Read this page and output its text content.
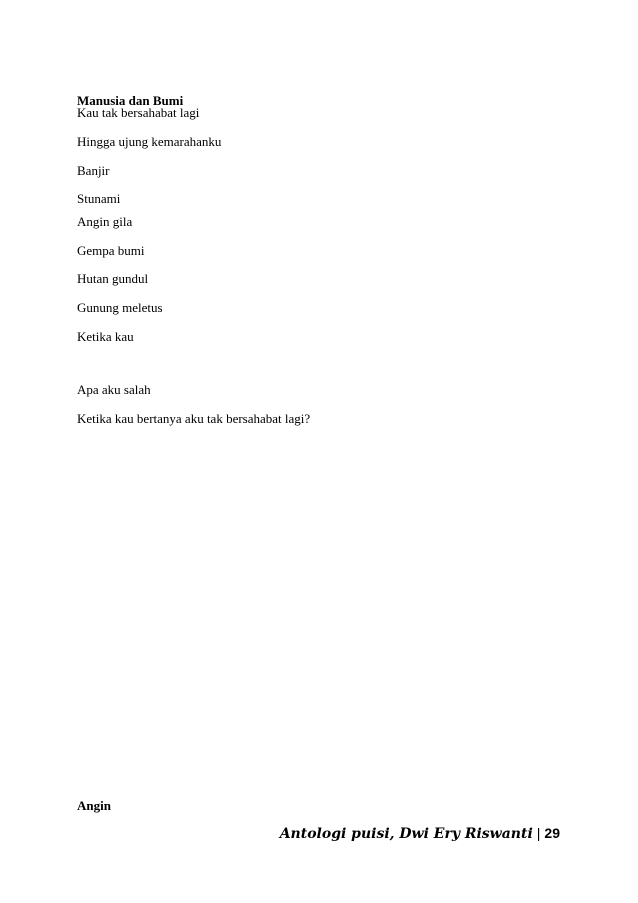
Manusia dan Bumi
Kau tak bersahabat lagi
Hingga ujung kemarahanku
Banjir
Stunami
Angin gila
Gempa bumi
Hutan gundul
Gunung meletus
Ketika kau
Apa aku salah
Ketika kau bertanya aku tak bersahabat lagi?
Angin
Antologi puisi, Dwi Ery Riswanti | 29
